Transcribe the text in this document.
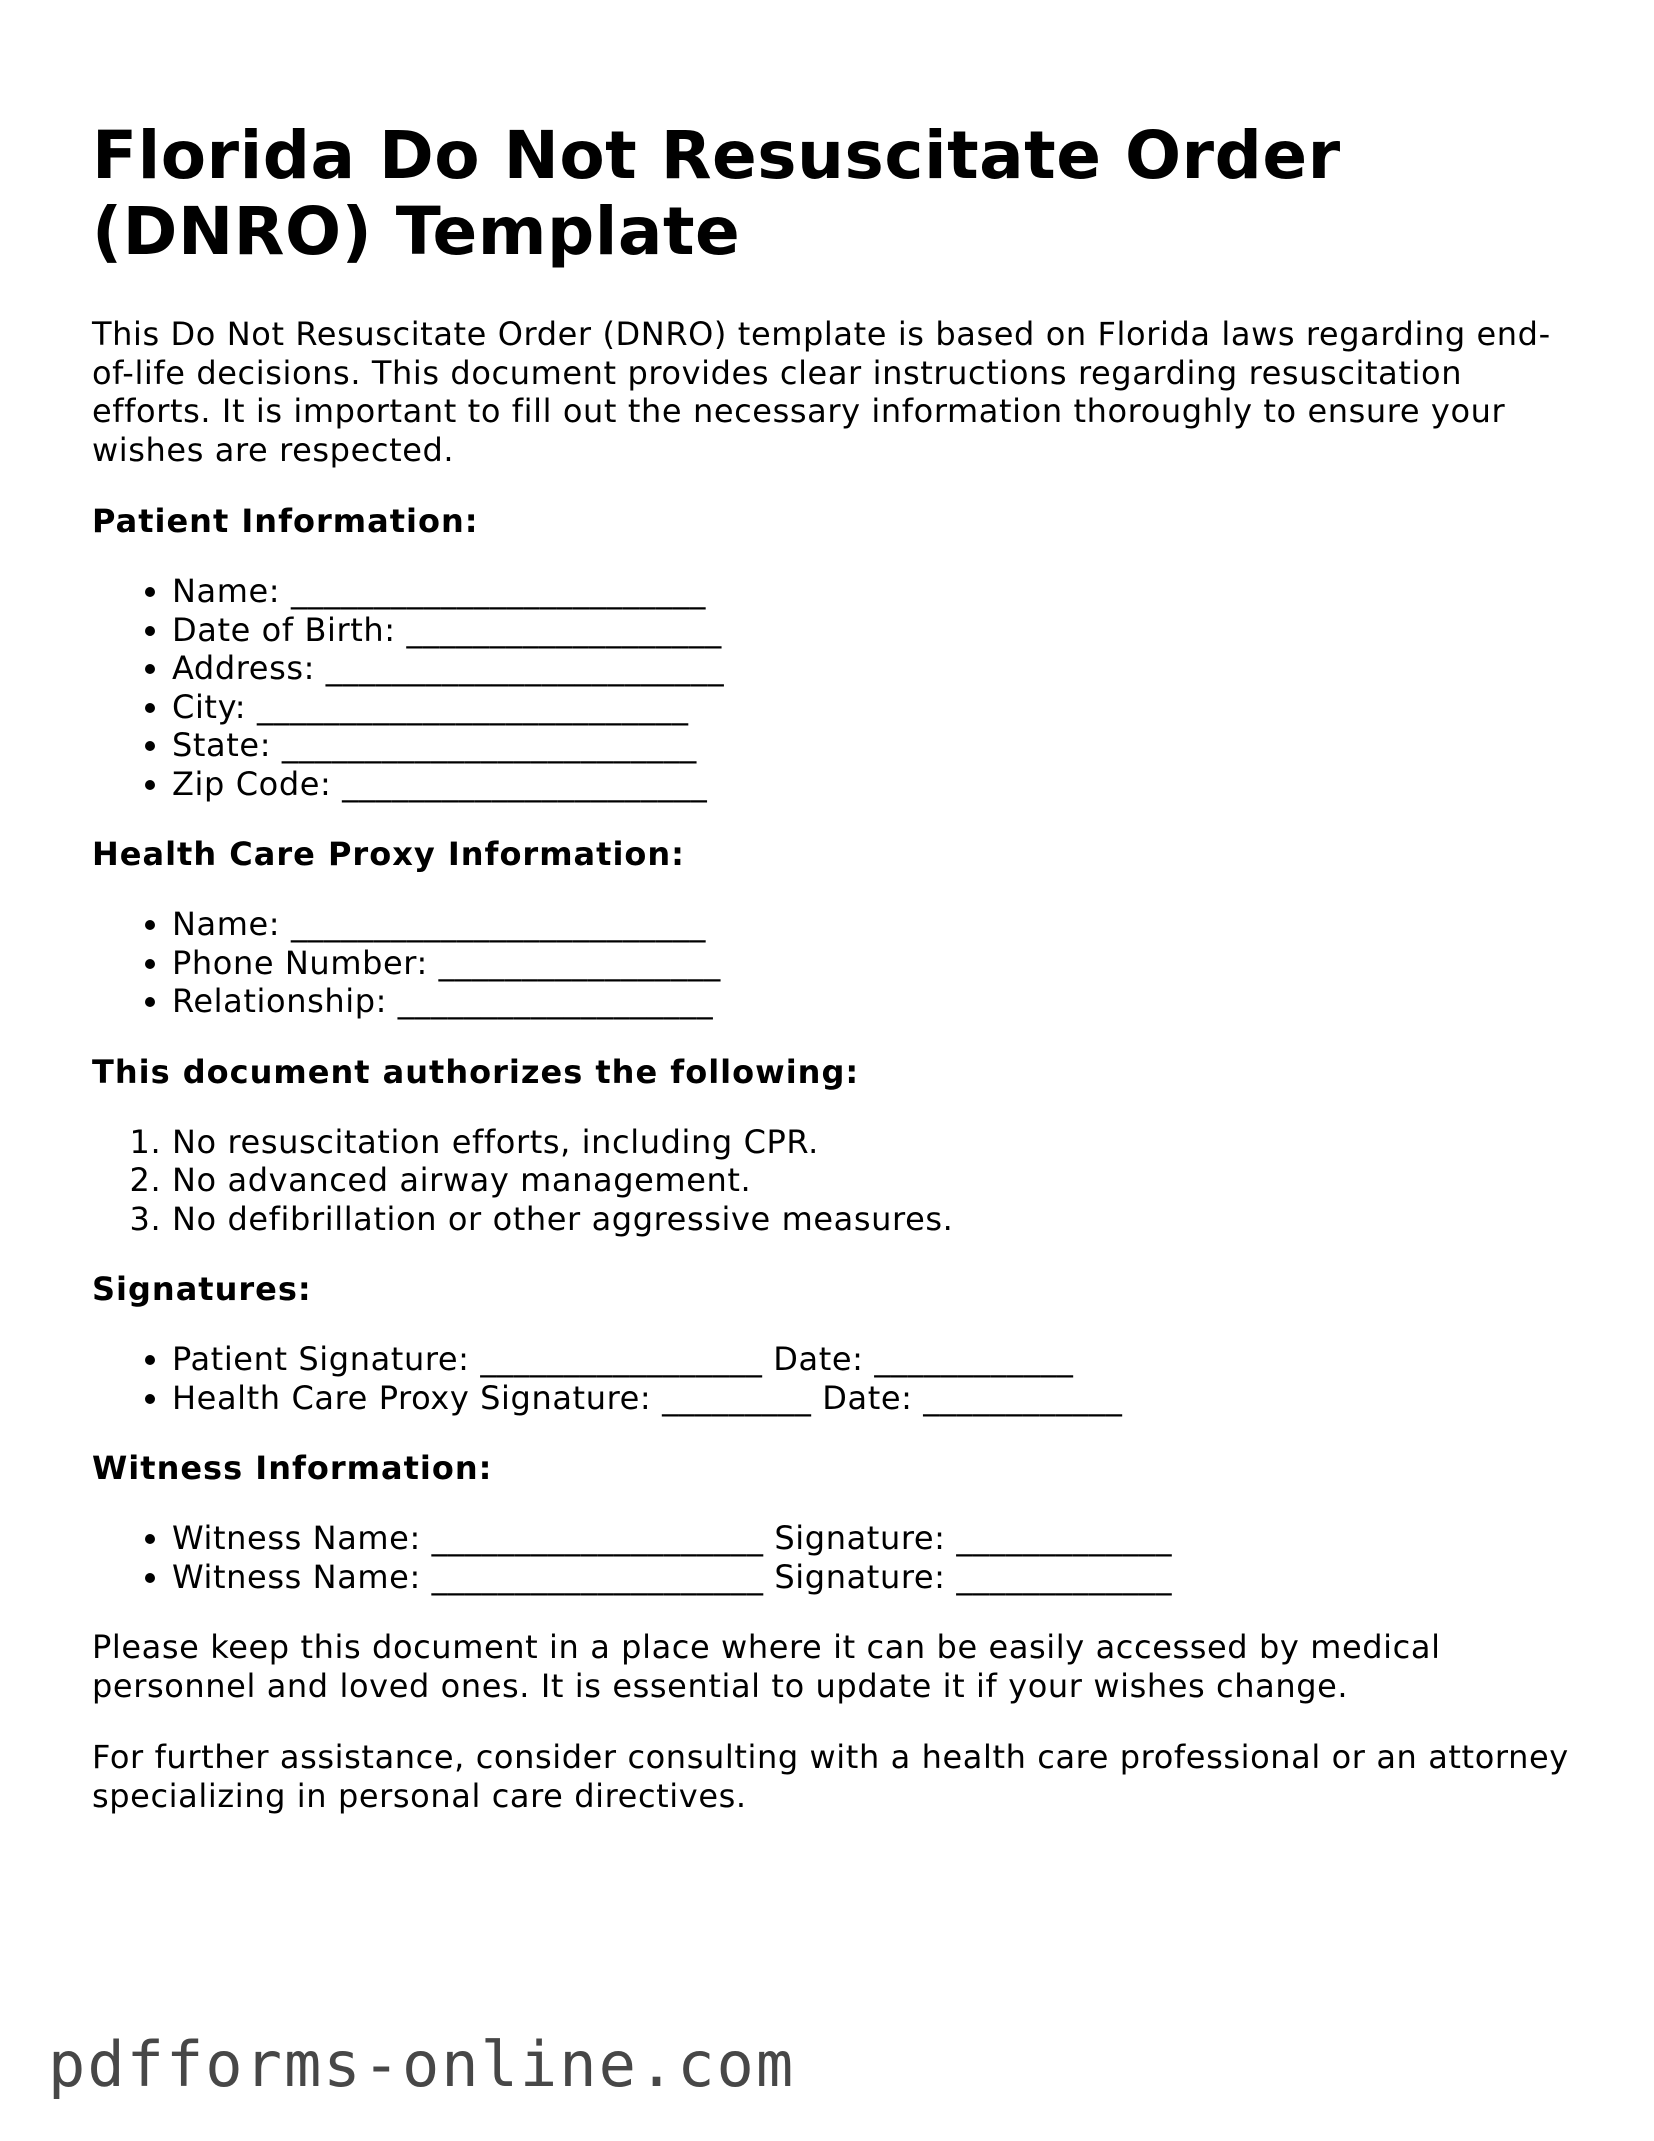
Florida Do Not Resuscitate Order (DNRO) Template

This Do Not Resuscitate Order (DNRO) template is based on Florida laws regarding end-of-life decisions. This document provides clear instructions regarding resuscitation efforts. It is important to fill out the necessary information thoroughly to ensure your wishes are respected.

Patient Information:
• Name: _________________________
• Date of Birth: ___________________
• Address: ________________________
• City: __________________________
• State: _________________________
• Zip Code: ______________________
Health Care Proxy Information:
• Name: _________________________
• Phone Number: _________________
• Relationship: ___________________
This document authorizes the following:
1. No resuscitation efforts, including CPR.
2. No advanced airway management.
3. No defibrillation or other aggressive measures.
Signatures:
• Patient Signature: _________________ Date: ____________
• Health Care Proxy Signature: _________ Date: ____________
Witness Information:
• Witness Name: ____________________ Signature: _____________
• Witness Name: ____________________ Signature: _____________

Please keep this document in a place where it can be easily accessed by medical personnel and loved ones. It is essential to update it if your wishes change.

For further assistance, consider consulting with a health care professional or an attorney specializing in personal care directives.

pdfforms-online.com
